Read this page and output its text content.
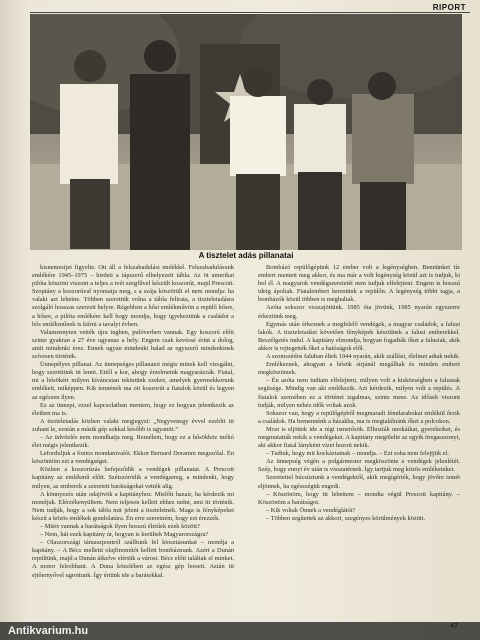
RIPORT
A tisztelet adás pillanatai

kisnemesijei figyelte. Ott áll a felszabadulási emlékkő. Felszabadulásunk emlékére 1945–1975 – hirdeti a tápszerű elhelyezett tábla. Az öt amerikai pilóta köszöni viszont a teljes a tvét szegfűvel készült koszorút, majd Prescott. Szoptány a koszorúval nyomatja meg, s a szája köszörüli el nem mondja: ha valaki azt lehetne. Többen szerettük volna a tábla felirata, a tiszteletadásra szolgáló hosszas szerzett helyre. Régebben a hősi emlékművön a repülő hősre, a hősre, a pilóta emlékére kell hogy mondja, hogy igyekeztünk a családot a hős emlékműnek is kiírni a tavalyi évben.

Valamennyien vették újra ingben, pulóverben vannak. Egy koszorú előtt szinte gyakran a 27 éve ugyanaz a hely. Engem csak kevéssé érint a dolog, amit mindenki érez. Ennek ugyan mindenki halad az egyszerű mindenkinek szívesen történik.

Ünnepélyes pillanat. Az ünnepséges pillanatot mégis minek kell vizsgálni, hogy szerettünk itt lenni. Ettől a kor, ahogy érzelmeink magyarázzák. Fiatal, mi a hősökért milyen kíváncsian tekintünk ezekre, amelyek gyermekkorunk emlékeit, miképpen. Kik tennének ma ott koszorút a fiatalok közül és legyen az egészen ilyen.

Ez az ünnepi, ezzel kapcsolatban mentem, hogy ez hogyan jelentkezik az életben ma is.

A tiszteletadás közben valaki megjegyzi: „Negyvenegy évvel ezelőtt itt zuhant le, ezután a másik gép sokkal később is ugyanitt.”

– Az üdvözlés nem mondhatja meg. Remélem, hogy ez a hősökhöz méltó élet mégis jelentkezik.

Leforduljuk a fontos mondanivalót. Ekkor Bernard Doramm megszólal. Én köszöntöm ezt a vendégséget.

Közben a koszorúzás befejeződik a vendégek pillanatai. A Prescott kapitány az emlékmű előtt. Szétszóródik a vendégsereg, a mindenki, hogy milyen, az emberek a szeretett barátságokat vették alig.

A könnyezés után odajövök a kapitányhoz. Mielőtt hazaír, ha kérdezik mi mondjuk. Elérzékenyültem. Nem teljesen kellett ehhez tudni, ami itt történik. Nem tudják, hogy a sok tábla mit jelent a tiszteletnek. Maga is fényképeket készít a közös emlékek gondolatára. Én erre szeretném, hogy ezt érezzék.

– Miért vannak a barátságok ilyen hosszú életűek ezek között?

– Nem, hát ezek kapitány úr, hogyan is kerültek Magyarországra?

– Olaszországi támaszpontról szálltunk fel kiosztásunkat – mondja a kapitány. – A Bécs melletti olajfinomítót kellett bombáznunk. Azért a Dunán repültünk, majd a Dunán átkelve elértük a várost. Bécs előtt találtak el minket. A motor felrobbant. A Duna közelében az egész gép leesett. Aztán itt ejtőernyővel ugrottunk. Így értünk ide a barátokkal.

Bombázó repülőgépünk 12 ember volt a legénységben. Bennünket tíz embert mentett meg akkor, és ma már a volt legénység közül azt is tudjuk, ki hol él. A magyarok vendégszeretetét nem tudjuk elfelejteni. Engem is hosszú ideig ápoltak. Fiatalembert kerestünk a repülőn. A legénység többi tagja, a bombázók közül többen is meghaltak.

Azóta sokszor visszajöttünk. 1985 óta jövünk, 1985 nyarán egyszerre érkeztünk meg.

Egymás után érkeznek a megfelelő vendégek, a magyar családok, a falusi lakók. A tiszteletadást követően fényképek készülnek a falusi emberekkel. Beszélgetés indul. A kapitány elmondja, hogyan fogadták őket a falusiak, akik akkor is rejtegették őket a hatóságok elől.

A szomszédos faluban éltek 1944 nyarán, akik szállást, élelmet adtak nekik.

Emlékeznek, ahogyan a hősök sírjánál megálltak és minden embert megköszöntek.

– Én azóta nem tudtam elfelejteni, milyen volt a kisközségben a falusiak segítsége. Mindig van aki emlékszik. Azt kérdezik, milyen volt a repülés. A fiatalok szemében ez a történet izgalmas, szinte mese. Az idősek viszont tudják, milyen nehéz idők voltak azok.

Sokszor van, hogy a repülőgépből megmaradt fémdarabokat emlékül őrzik a családok. Ha bemennénk a házakba, ma is megtalálnánk őket a polcokon.

Most is eljöttek ide a régi ismerősök. Elhozták unokáikat, gyerekeiket, és megmutatták nekik a vendégeket. A kapitány megölelte az egyik öregasszonyt, aki akkor fiatal lányként vizet hozott nekik.

– Tudtuk, hogy mit kockáztatnak – mondja. – Ezt soha nem felejtjük el.

Az ünnepség végén a polgármester megköszönte a vendégek jelenlétét. Szép, hogy ennyi év után is visszatérnek. Így tartjuk meg közös emlékeinket.

Szeretettel búcsúztunk a vendégektől, akik megígérték, hogy jövőre ismét eljönnek, ha egészségük engedi.

– Köszönöm, hogy itt lehettem – mondta végül Prescott kapitány. – Köszönöm a barátságot.

– Kik voltak Önnek a vendéglátói?

– Többen segítettek az akkori, szegényes körülmények között.

Antikvarium.hu
